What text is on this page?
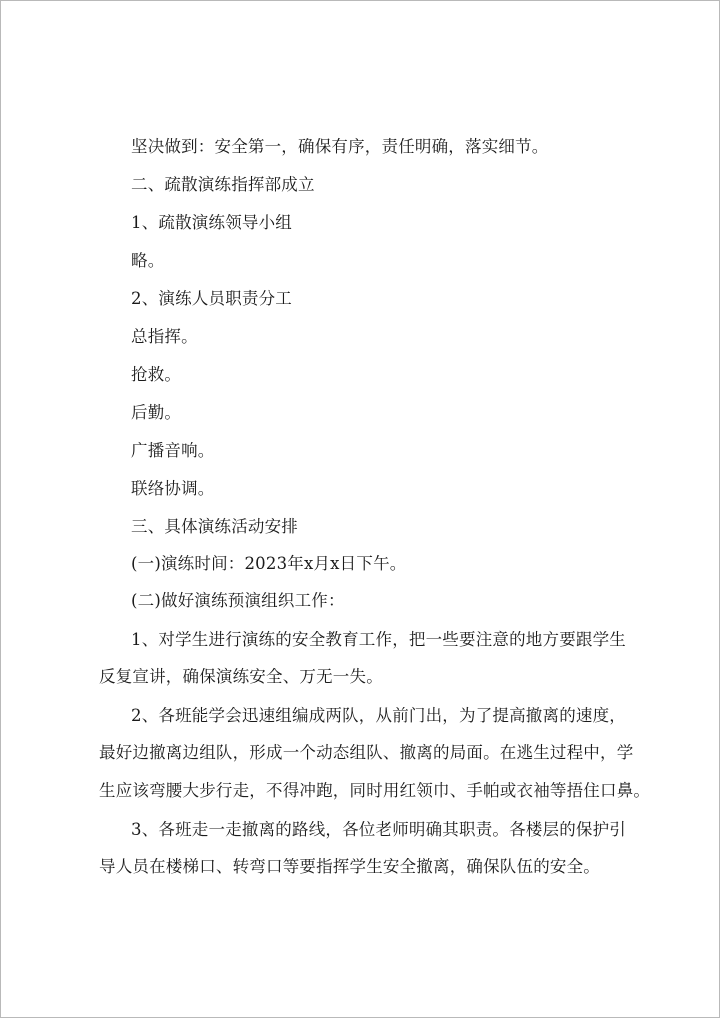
坚决做到：安全第一，确保有序，责任明确，落实细节。
二、疏散演练指挥部成立
1、疏散演练领导小组
略。
2、演练人员职责分工
总指挥。
抢救。
后勤。
广播音响。
联络协调。
三、具体演练活动安排
(一)演练时间：2023年x月x日下午。
(二)做好演练预演组织工作：
1、对学生进行演练的安全教育工作，把一些要注意的地方要跟学生
反复宣讲，确保演练安全、万无一失。
2、各班能学会迅速组编成两队，从前门出，为了提高撤离的速度，
最好边撤离边组队，形成一个动态组队、撤离的局面。在逃生过程中，学
生应该弯腰大步行走，不得冲跑，同时用红领巾、手帕或衣袖等捂住口鼻。
3、各班走一走撤离的路线，各位老师明确其职责。各楼层的保护引
导人员在楼梯口、转弯口等要指挥学生安全撤离，确保队伍的安全。
